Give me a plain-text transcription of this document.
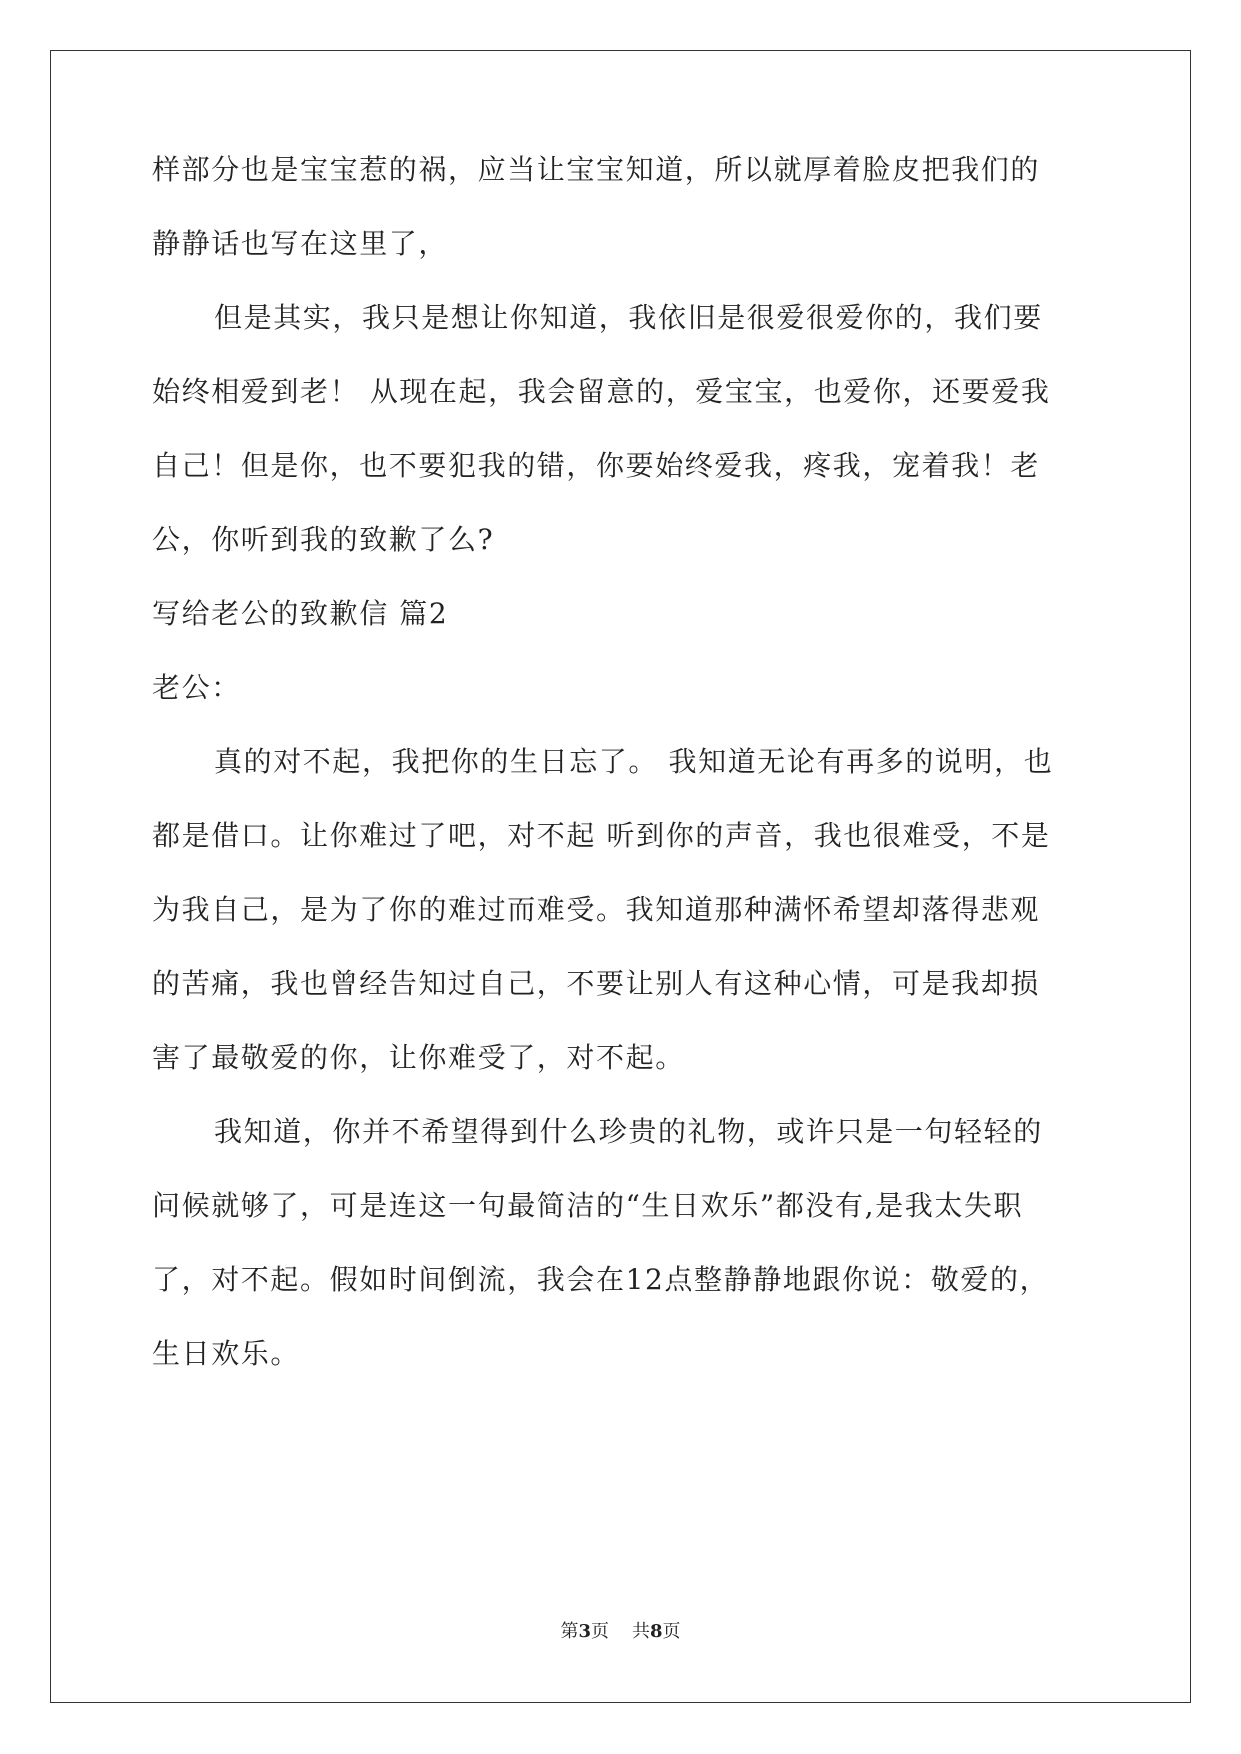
样部分也是宝宝惹的祸，应当让宝宝知道，所以就厚着脸皮把我们的
静静话也写在这里了，
但是其实，我只是想让你知道，我依旧是很爱很爱你的，我们要
始终相爱到老！ 从现在起，我会留意的，爱宝宝，也爱你，还要爱我
自己！但是你，也不要犯我的错，你要始终爱我，疼我，宠着我！老
公，你听到我的致歉了么?
写给老公的致歉信 篇2
老公：
真的对不起，我把你的生日忘了。 我知道无论有再多的说明，也
都是借口。让你难过了吧，对不起 听到你的声音，我也很难受，不是
为我自己，是为了你的难过而难受。我知道那种满怀希望却落得悲观
的苦痛，我也曾经告知过自己，不要让别人有这种心情，可是我却损
害了最敬爱的你，让你难受了，对不起。
我知道，你并不希望得到什么珍贵的礼物，或许只是一句轻轻的
问候就够了，可是连这一句最简洁的“生日欢乐”都没有,是我太失职
了，对不起。假如时间倒流，我会在12点整静静地跟你说：敬爱的，
生日欢乐。
第3页 共8页
